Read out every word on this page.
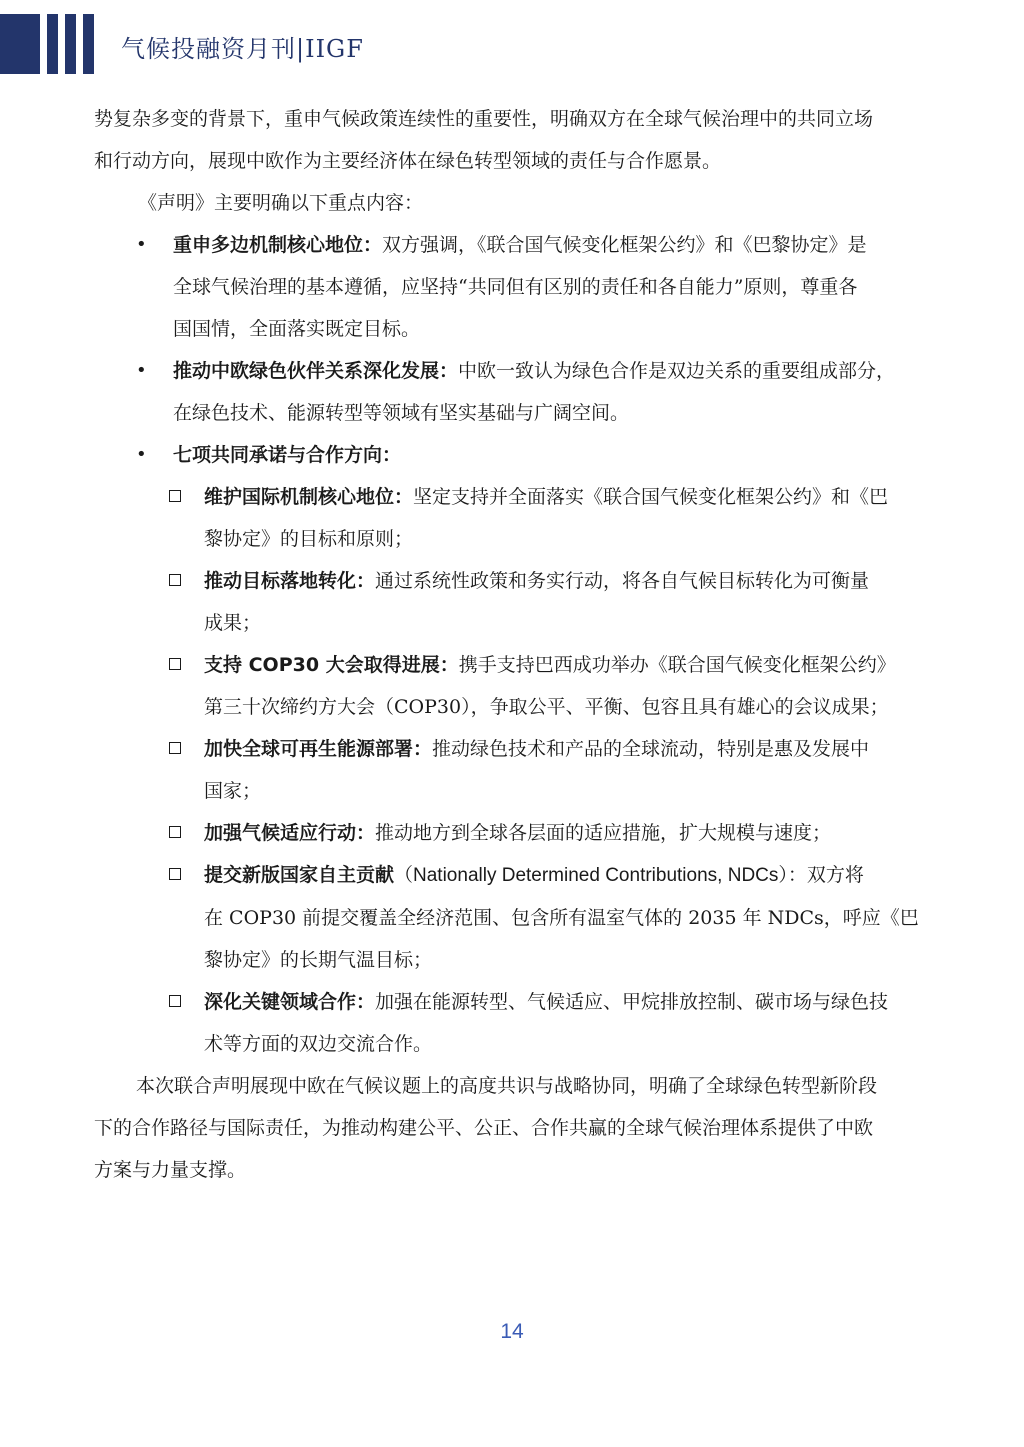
气候投融资月刊|IIGF

势复杂多变的背景下，重申气候政策连续性的重要性，明确双方在全球气候治理中的共同立场
和行动方向，展现中欧作为主要经济体在绿色转型领域的责任与合作愿景。

《声明》主要明确以下重点内容：

• 重申多边机制核心地位：双方强调，《联合国气候变化框架公约》和《巴黎协定》是
全球气候治理的基本遵循，应坚持“共同但有区别的责任和各自能力”原则，尊重各
国国情，全面落实既定目标。
• 推动中欧绿色伙伴关系深化发展：中欧一致认为绿色合作是双边关系的重要组成部分，
在绿色技术、能源转型等领域有坚实基础与广阔空间。
• 七项共同承诺与合作方向：
维护国际机制核心地位：坚定支持并全面落实《联合国气候变化框架公约》和《巴
黎协定》的目标和原则；
推动目标落地转化：通过系统性政策和务实行动，将各自气候目标转化为可衡量
成果；
支持 COP30 大会取得进展：携手支持巴西成功举办《联合国气候变化框架公约》
第三十次缔约方大会（COP30），争取公平、平衡、包容且具有雄心的会议成果；
加快全球可再生能源部署：推动绿色技术和产品的全球流动，特别是惠及发展中
国家；
加强气候适应行动：推动地方到全球各层面的适应措施，扩大规模与速度；
提交新版国家自主贡献（Nationally Determined Contributions, NDCs）：双方将
在 COP30 前提交覆盖全经济范围、包含所有温室气体的 2035 年 NDCs，呼应《巴
黎协定》的长期气温目标；
深化关键领域合作：加强在能源转型、气候适应、甲烷排放控制、碳市场与绿色技
术等方面的双边交流合作。

本次联合声明展现中欧在气候议题上的高度共识与战略协同，明确了全球绿色转型新阶段
下的合作路径与国际责任，为推动构建公平、公正、合作共赢的全球气候治理体系提供了中欧
方案与力量支撑。

14
